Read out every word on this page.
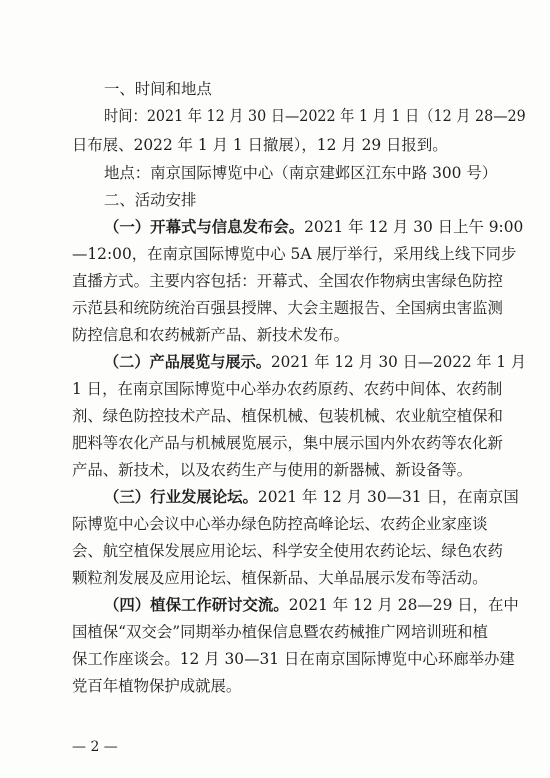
一、时间和地点
时间：2021 年 12 月 30 日—2022 年 1 月 1 日（12 月 28—29
日布展、2022 年 1 月 1 日撤展），12 月 29 日报到。
地点：南京国际博览中心（南京建邺区江东中路 300 号）
二、活动安排
（一）开幕式与信息发布会。2021 年 12 月 30 日上午 9:00
—12:00，在南京国际博览中心 5A 展厅举行，采用线上线下同步
直播方式。主要内容包括：开幕式、全国农作物病虫害绿色防控
示范县和统防统治百强县授牌、大会主题报告、全国病虫害监测
防控信息和农药械新产品、新技术发布。
（二）产品展览与展示。2021 年 12 月 30 日—2022 年 1 月
1 日，在南京国际博览中心举办农药原药、农药中间体、农药制
剂、绿色防控技术产品、植保机械、包装机械、农业航空植保和
肥料等农化产品与机械展览展示，集中展示国内外农药等农化新
产品、新技术，以及农药生产与使用的新器械、新设备等。
（三）行业发展论坛。2021 年 12 月 30—31 日，在南京国
际博览中心会议中心举办绿色防控高峰论坛、农药企业家座谈
会、航空植保发展应用论坛、科学安全使用农药论坛、绿色农药
颗粒剂发展及应用论坛、植保新品、大单品展示发布等活动。
（四）植保工作研讨交流。2021 年 12 月 28—29 日，在中
国植保“双交会”同期举办植保信息暨农药械推广网培训班和植
保工作座谈会。12 月 30—31 日在南京国际博览中心环廊举办建
党百年植物保护成就展。
— 2 —
